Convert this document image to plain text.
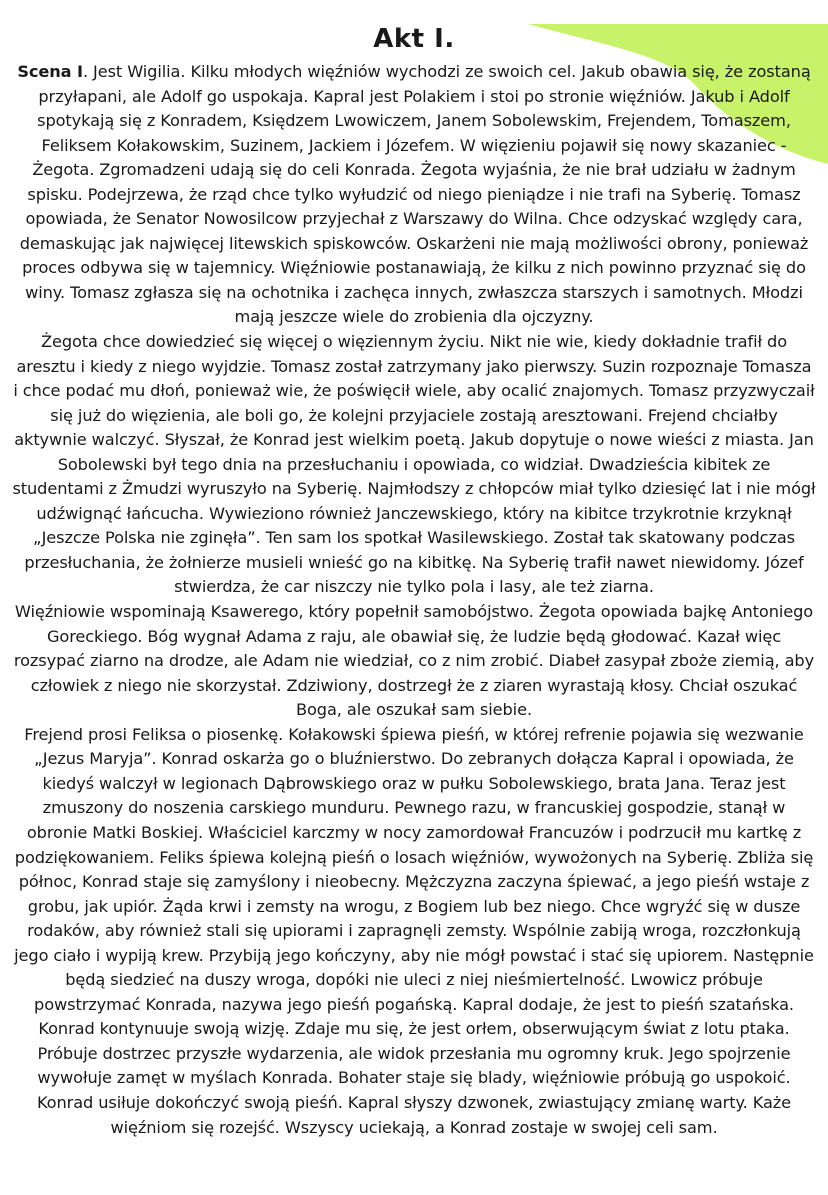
Akt I.

Scena I. Jest Wigilia. Kilku młodych więźniów wychodzi ze swoich cel. Jakub obawia się, że zostaną przyłapani, ale Adolf go uspokaja. Kapral jest Polakiem i stoi po stronie więźniów. Jakub i Adolf spotykają się z Konradem, Księdzem Lwowiczem, Janem Sobolewskim, Frejendem, Tomaszem, Feliksem Kołakowskim, Suzinem, Jackiem i Józefem. W więzieniu pojawił się nowy skazaniec - Żegota. Zgromadzeni udają się do celi Konrada. Żegota wyjaśnia, że nie brał udziału w żadnym spisku. Podejrzewa, że rząd chce tylko wyłudzić od niego pieniądze i nie trafi na Syberię. Tomasz opowiada, że Senator Nowosilcow przyjechał z Warszawy do Wilna. Chce odzyskać względy cara, demaskując jak najwięcej litewskich spiskowców. Oskarżeni nie mają możliwości obrony, ponieważ proces odbywa się w tajemnicy. Więźniowie postanawiają, że kilku z nich powinno przyznać się do winy. Tomasz zgłasza się na ochotnika i zachęca innych, zwłaszcza starszych i samotnych. Młodzi mają jeszcze wiele do zrobienia dla ojczyzny.

Żegota chce dowiedzieć się więcej o więziennym życiu. Nikt nie wie, kiedy dokładnie trafił do aresztu i kiedy z niego wyjdzie. Tomasz został zatrzymany jako pierwszy. Suzin rozpoznaje Tomasza i chce podać mu dłoń, ponieważ wie, że poświęcił wiele, aby ocalić znajomych. Tomasz przyzwyczaił się już do więzienia, ale boli go, że kolejni przyjaciele zostają aresztowani. Frejend chciałby aktywnie walczyć. Słyszał, że Konrad jest wielkim poetą. Jakub dopytuje o nowe wieści z miasta. Jan Sobolewski był tego dnia na przesłuchaniu i opowiada, co widział. Dwadzieścia kibitek ze studentami z Żmudzi wyruszyło na Syberię. Najmłodszy z chłopców miał tylko dziesięć lat i nie mógł udźwignąć łańcucha. Wywieziono również Janczewskiego, który na kibitce trzykrotnie krzyknął „Jeszcze Polska nie zginęła”. Ten sam los spotkał Wasilewskiego. Został tak skatowany podczas przesłuchania, że żołnierze musieli wnieść go na kibitkę. Na Syberię trafił nawet niewidomy. Józef stwierdza, że car niszczy nie tylko pola i lasy, ale też ziarna.

Więźniowie wspominają Ksawerego, który popełnił samobójstwo. Żegota opowiada bajkę Antoniego Goreckiego. Bóg wygnał Adama z raju, ale obawiał się, że ludzie będą głodować. Kazał więc rozsypać ziarno na drodze, ale Adam nie wiedział, co z nim zrobić. Diabeł zasypał zboże ziemią, aby człowiek z niego nie skorzystał. Zdziwiony, dostrzegł że z ziaren wyrastają kłosy. Chciał oszukać Boga, ale oszukał sam siebie.

Frejend prosi Feliksa o piosenkę. Kołakowski śpiewa pieśń, w której refrenie pojawia się wezwanie „Jezus Maryja”. Konrad oskarża go o bluźnierstwo. Do zebranych dołącza Kapral i opowiada, że kiedyś walczył w legionach Dąbrowskiego oraz w pułku Sobolewskiego, brata Jana. Teraz jest zmuszony do noszenia carskiego munduru. Pewnego razu, w francuskiej gospodzie, stanął w obronie Matki Boskiej. Właściciel karczmy w nocy zamordował Francuzów i podrzucił mu kartkę z podziękowaniem. Feliks śpiewa kolejną pieśń o losach więźniów, wywożonych na Syberię. Zbliża się północ, Konrad staje się zamyślony i nieobecny. Mężczyzna zaczyna śpiewać, a jego pieśń wstaje z grobu, jak upiór. Żąda krwi i zemsty na wrogu, z Bogiem lub bez niego. Chce wgryźć się w dusze rodaków, aby również stali się upiorami i zapragnęli zemsty. Wspólnie zabiją wroga, rozczłonkują jego ciało i wypiją krew. Przybiją jego kończyny, aby nie mógł powstać i stać się upiorem. Następnie będą siedzieć na duszy wroga, dopóki nie uleci z niej nieśmiertelność. Lwowicz próbuje powstrzymać Konrada, nazywa jego pieśń pogańską. Kapral dodaje, że jest to pieśń szatańska. Konrad kontynuuje swoją wizję. Zdaje mu się, że jest orłem, obserwującym świat z lotu ptaka. Próbuje dostrzec przyszłe wydarzenia, ale widok przesłania mu ogromny kruk. Jego spojrzenie wywołuje zamęt w myślach Konrada. Bohater staje się blady, więźniowie próbują go uspokoić. Konrad usiłuje dokończyć swoją pieśń. Kapral słyszy dzwonek, zwiastujący zmianę warty. Każe więźniom się rozejść. Wszyscy uciekają, a Konrad zostaje w swojej celi sam.
